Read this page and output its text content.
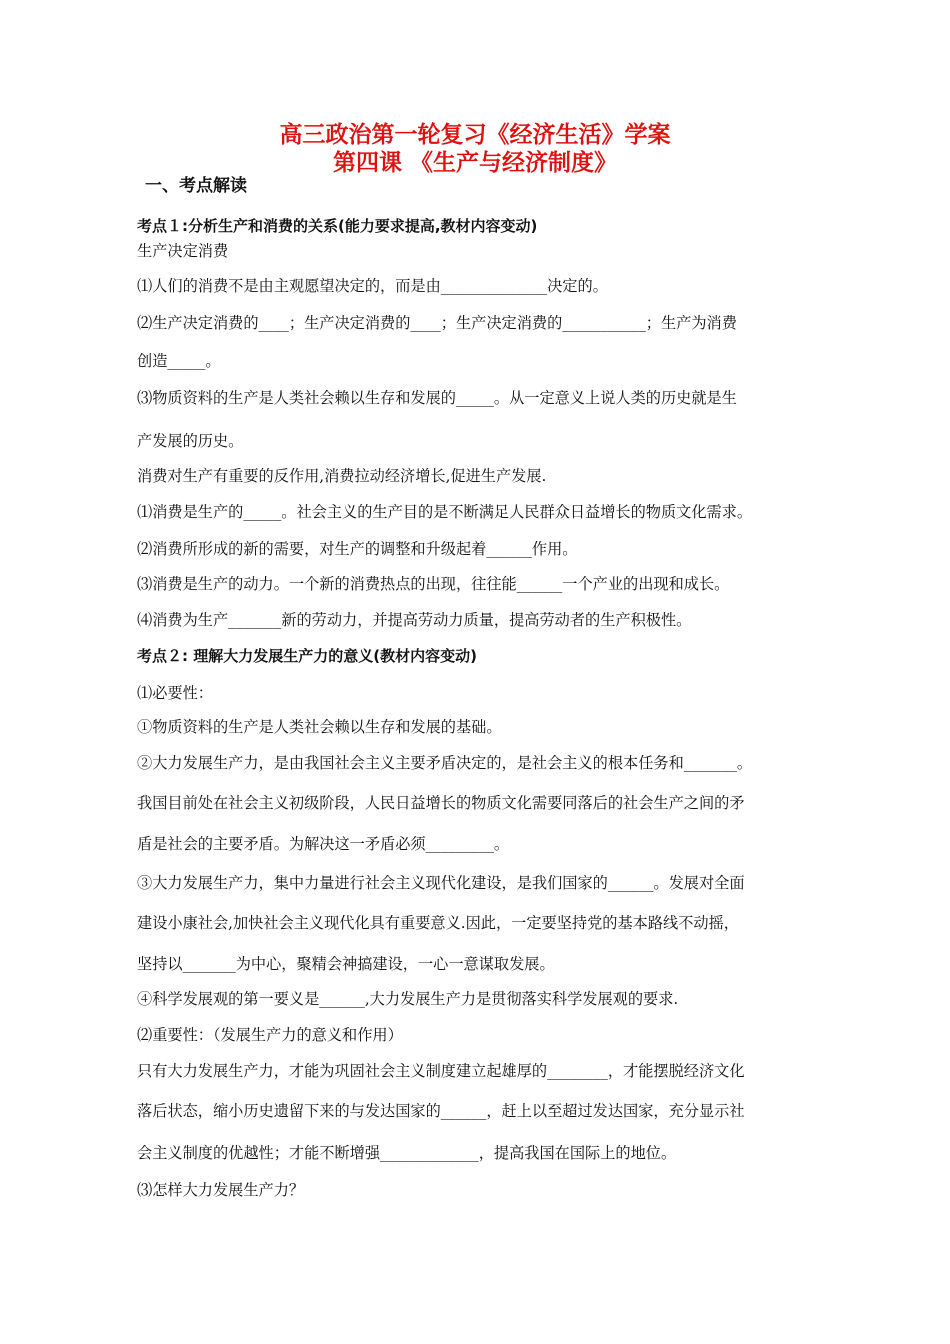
高三政治第一轮复习《经济生活》学案
第四课 《生产与经济制度》
一、考点解读
考点１:分析生产和消费的关系(能力要求提高,教材内容变动)
生产决定消费
⑴人们的消费不是由主观愿望决定的，而是由______________决定的。
⑵生产决定消费的____；生产决定消费的____；生产决定消费的___________；生产为消费
创造_____。
⑶物质资料的生产是人类社会赖以生存和发展的_____。从一定意义上说人类的历史就是生
产发展的历史。
消费对生产有重要的反作用,消费拉动经济增长,促进生产发展.
⑴消费是生产的_____。社会主义的生产目的是不断满足人民群众日益增长的物质文化需求。
⑵消费所形成的新的需要，对生产的调整和升级起着______作用。
⑶消费是生产的动力。一个新的消费热点的出现，往往能______一个产业的出现和成长。
⑷消费为生产_______新的劳动力，并提高劳动力质量，提高劳动者的生产积极性。
考点２: 理解大力发展生产力的意义(教材内容变动)
⑴必要性：
①物质资料的生产是人类社会赖以生存和发展的基础。
②大力发展生产力，是由我国社会主义主要矛盾决定的，是社会主义的根本任务和_______。
我国目前处在社会主义初级阶段，人民日益增长的物质文化需要同落后的社会生产之间的矛
盾是社会的主要矛盾。为解决这一矛盾必须_________。
③大力发展生产力，集中力量进行社会主义现代化建设，是我们国家的______。发展对全面
建设小康社会,加快社会主义现代化具有重要意义.因此，一定要坚持党的基本路线不动摇，
坚持以_______为中心，聚精会神搞建设，一心一意谋取发展。
④科学发展观的第一要义是______,大力发展生产力是贯彻落实科学发展观的要求.
⑵重要性：（发展生产力的意义和作用）
只有大力发展生产力，才能为巩固社会主义制度建立起雄厚的________，才能摆脱经济文化
落后状态，缩小历史遗留下来的与发达国家的______，赶上以至超过发达国家，充分显示社
会主义制度的优越性；才能不断增强_____________，提高我国在国际上的地位。
⑶怎样大力发展生产力？
